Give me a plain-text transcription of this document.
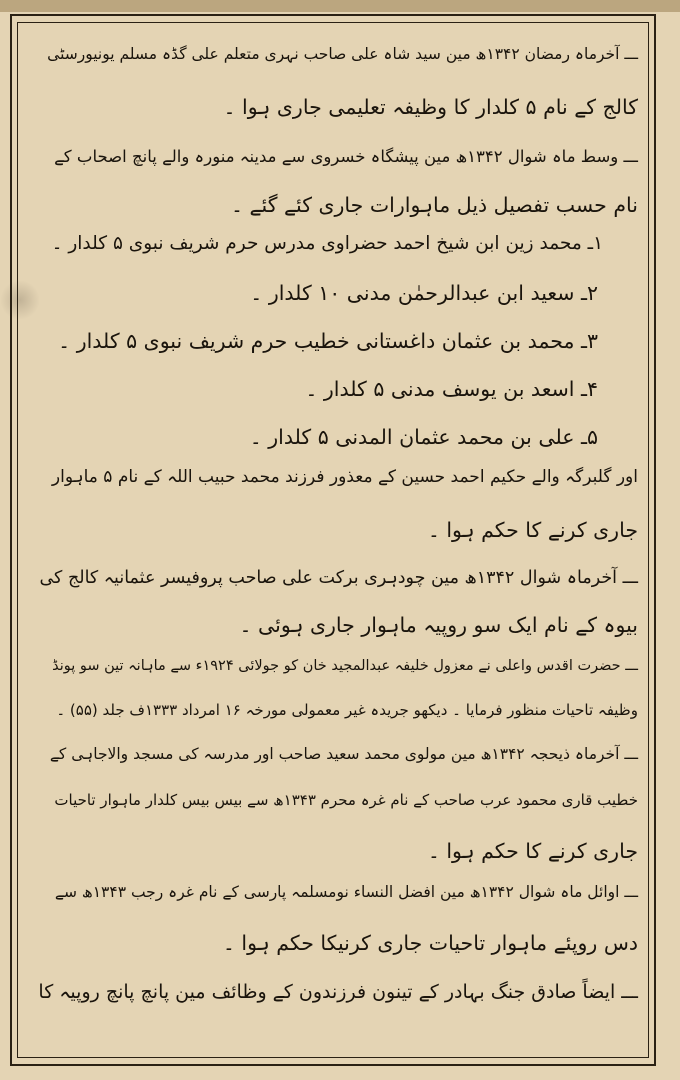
ـــ آخرماہ رمضان ۱۳۴۲ھ مین سید شاہ علی صاحب نہری متعلم علی گڈہ مسلم یونیورسٹی
کالج کے نام ۵ کلدار کا وظیفہ تعلیمی جاری ہوا ۔
ـــ وسط ماہ شوال ۱۳۴۲ھ مین پیشگاہ خسروی سے مدینہ منورہ والے پانچ اصحاب کے
نام حسب تفصیل ذیل ماہوارات جاری کئے گئے ۔
۱ـ محمد زین ابن شیخ احمد حضراوی مدرس حرم شریف نبوی ۵ کلدار ۔
۲ـ سعید ابن عبدالرحمٰن مدنی ۱۰ کلدار ۔
۳ـ محمد بن عثمان داغستانی خطیب حرم شریف نبوی ۵ کلدار ۔
۴ـ اسعد بن یوسف مدنی ۵ کلدار ۔
۵ـ علی بن محمد عثمان المدنی ۵ کلدار ۔
اور گلبرگہ والے حکیم احمد حسین کے معذور فرزند محمد حبیب اللہ کے نام ۵ ماہوار
جاری کرنے کا حکم ہوا ۔
ـــ آخرماہ شوال ۱۳۴۲ھ مین چودہری برکت علی صاحب پروفیسر عثمانیہ کالج کی
بیوہ کے نام ایک سو روپیہ ماہوار جاری ہوئی ۔
ـــ حضرت اقدس واعلی نے معزول خلیفہ عبدالمجید خان کو جولائی ۱۹۲۴ء سے ماہانہ تین سو پونڈ
وظیفہ تاحیات منظور فرمایا ۔ دیکھو جریدہ غیر معمولی مورخہ ۱۶ امرداد ۱۳۳۳ف جلد (۵۵) ۔
ـــ آخرماہ ذیحجہ ۱۳۴۲ھ مین مولوی محمد سعید صاحب اور مدرسہ کی مسجد والاجاہی کے
خطیب قاری محمود عرب صاحب کے نام غرہ محرم ۱۳۴۳ھ سے بیس بیس کلدار ماہوار تاحیات
جاری کرنے کا حکم ہوا ۔
ـــ اوائل ماہ شوال ۱۳۴۲ھ مین افضل النساء نومسلمہ پارسی کے نام غرہ رجب ۱۳۴۳ھ سے
دس روپئے ماہوار تاحیات جاری کرنیکا حکم ہوا ۔
ـــ ایضاً صادق جنگ بہادر کے تینون فرزندون کے وظائف مین پانچ پانچ روپیہ کا
